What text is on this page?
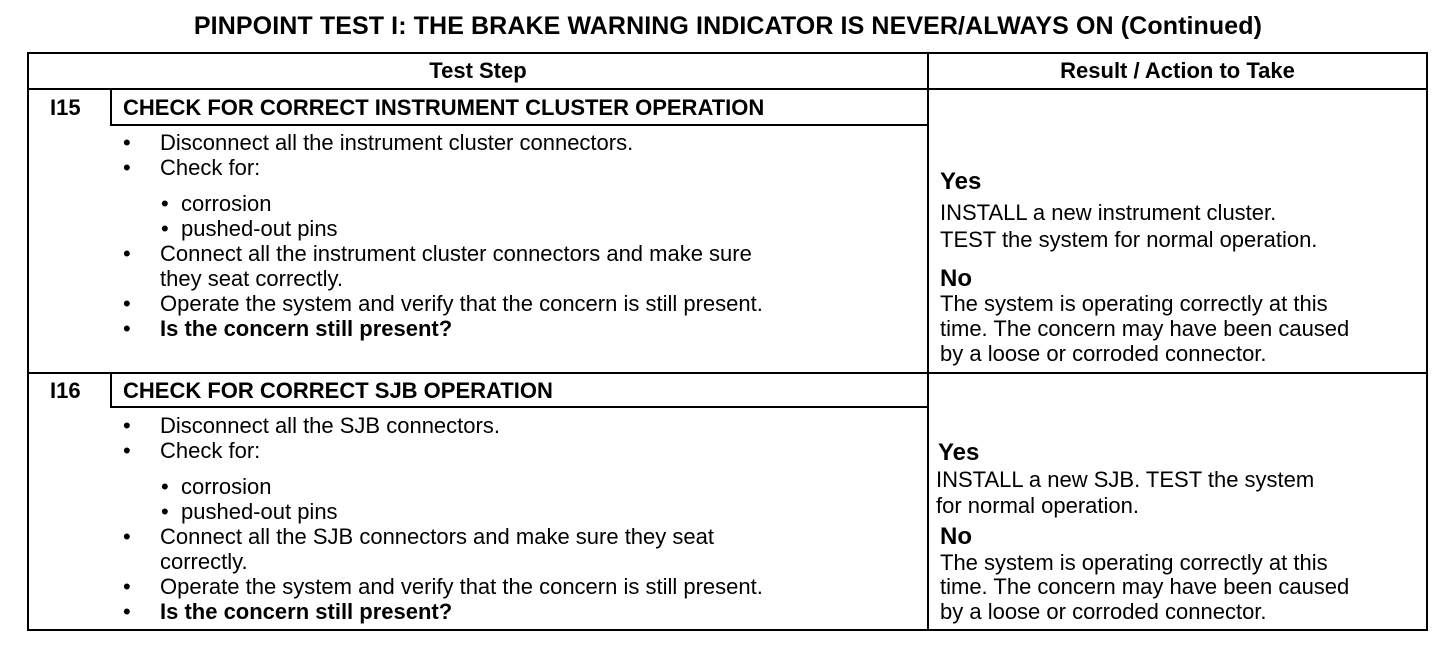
PINPOINT TEST I: THE BRAKE WARNING INDICATOR IS NEVER/ALWAYS ON (Continued)
Test Step	Result / Action to Take
I15 CHECK FOR CORRECT INSTRUMENT CLUSTER OPERATION
• Disconnect all the instrument cluster connectors.
• Check for:
• corrosion
• pushed-out pins
• Connect all the instrument cluster connectors and make sure
they seat correctly.
• Operate the system and verify that the concern is still present.
• Is the concern still present?
Yes
INSTALL a new instrument cluster.
TEST the system for normal operation.
No
The system is operating correctly at this
time. The concern may have been caused
by a loose or corroded connector.
I16 CHECK FOR CORRECT SJB OPERATION
• Disconnect all the SJB connectors.
• Check for:
• corrosion
• pushed-out pins
• Connect all the SJB connectors and make sure they seat
correctly.
• Operate the system and verify that the concern is still present.
• Is the concern still present?
Yes
INSTALL a new SJB. TEST the system
for normal operation.
No
The system is operating correctly at this
time. The concern may have been caused
by a loose or corroded connector.
